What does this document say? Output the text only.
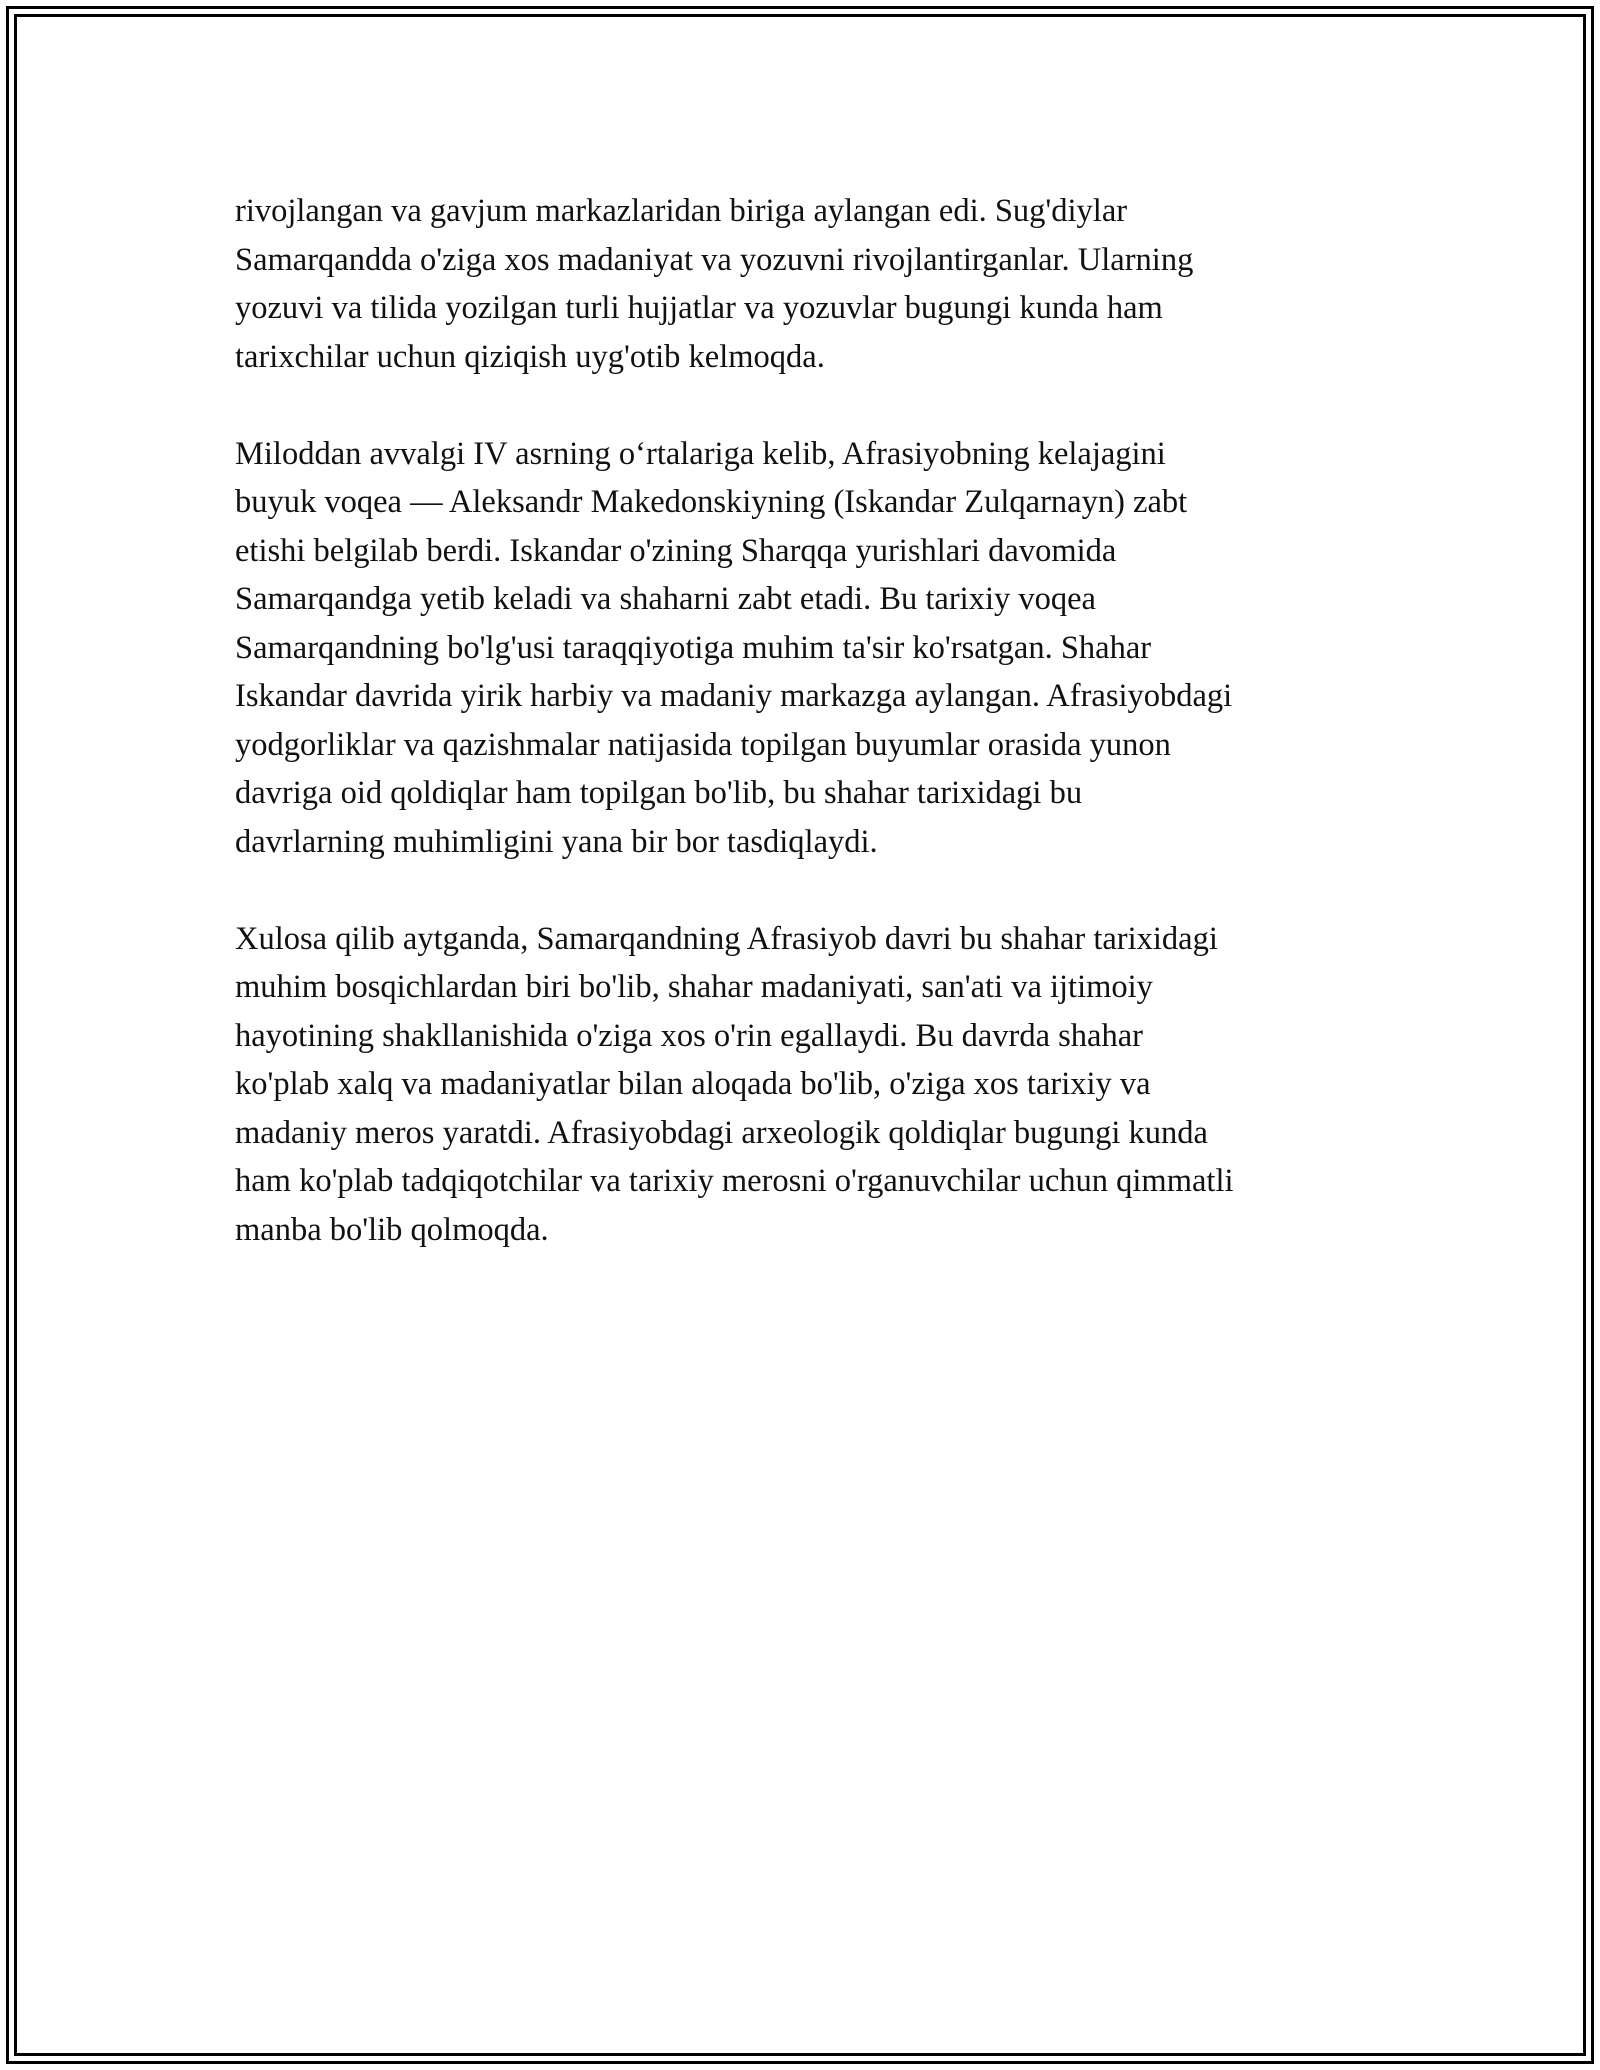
rivojlangan va gavjum markazlaridan biriga aylangan edi. Sug'diylar
Samarqandda o'ziga xos madaniyat va yozuvni rivojlantirganlar. Ularning
yozuvi va tilida yozilgan turli hujjatlar va yozuvlar bugungi kunda ham
tarixchilar uchun qiziqish uyg'otib kelmoqda.

Miloddan avvalgi IV asrning oʻrtalariga kelib, Afrasiyobning kelajagini
buyuk voqea — Aleksandr Makedonskiyning (Iskandar Zulqarnayn) zabt
etishi belgilab berdi. Iskandar o'zining Sharqqa yurishlari davomida
Samarqandga yetib keladi va shaharni zabt etadi. Bu tarixiy voqea
Samarqandning bo'lg'usi taraqqiyotiga muhim ta'sir ko'rsatgan. Shahar
Iskandar davrida yirik harbiy va madaniy markazga aylangan. Afrasiyobdagi
yodgorliklar va qazishmalar natijasida topilgan buyumlar orasida yunon
davriga oid qoldiqlar ham topilgan bo'lib, bu shahar tarixidagi bu
davrlarning muhimligini yana bir bor tasdiqlaydi.

Xulosa qilib aytganda, Samarqandning Afrasiyob davri bu shahar tarixidagi
muhim bosqichlardan biri bo'lib, shahar madaniyati, san'ati va ijtimoiy
hayotining shakllanishida o'ziga xos o'rin egallaydi. Bu davrda shahar
ko'plab xalq va madaniyatlar bilan aloqada bo'lib, o'ziga xos tarixiy va
madaniy meros yaratdi. Afrasiyobdagi arxeologik qoldiqlar bugungi kunda
ham ko'plab tadqiqotchilar va tarixiy merosni o'rganuvchilar uchun qimmatli
manba bo'lib qolmoqda.
